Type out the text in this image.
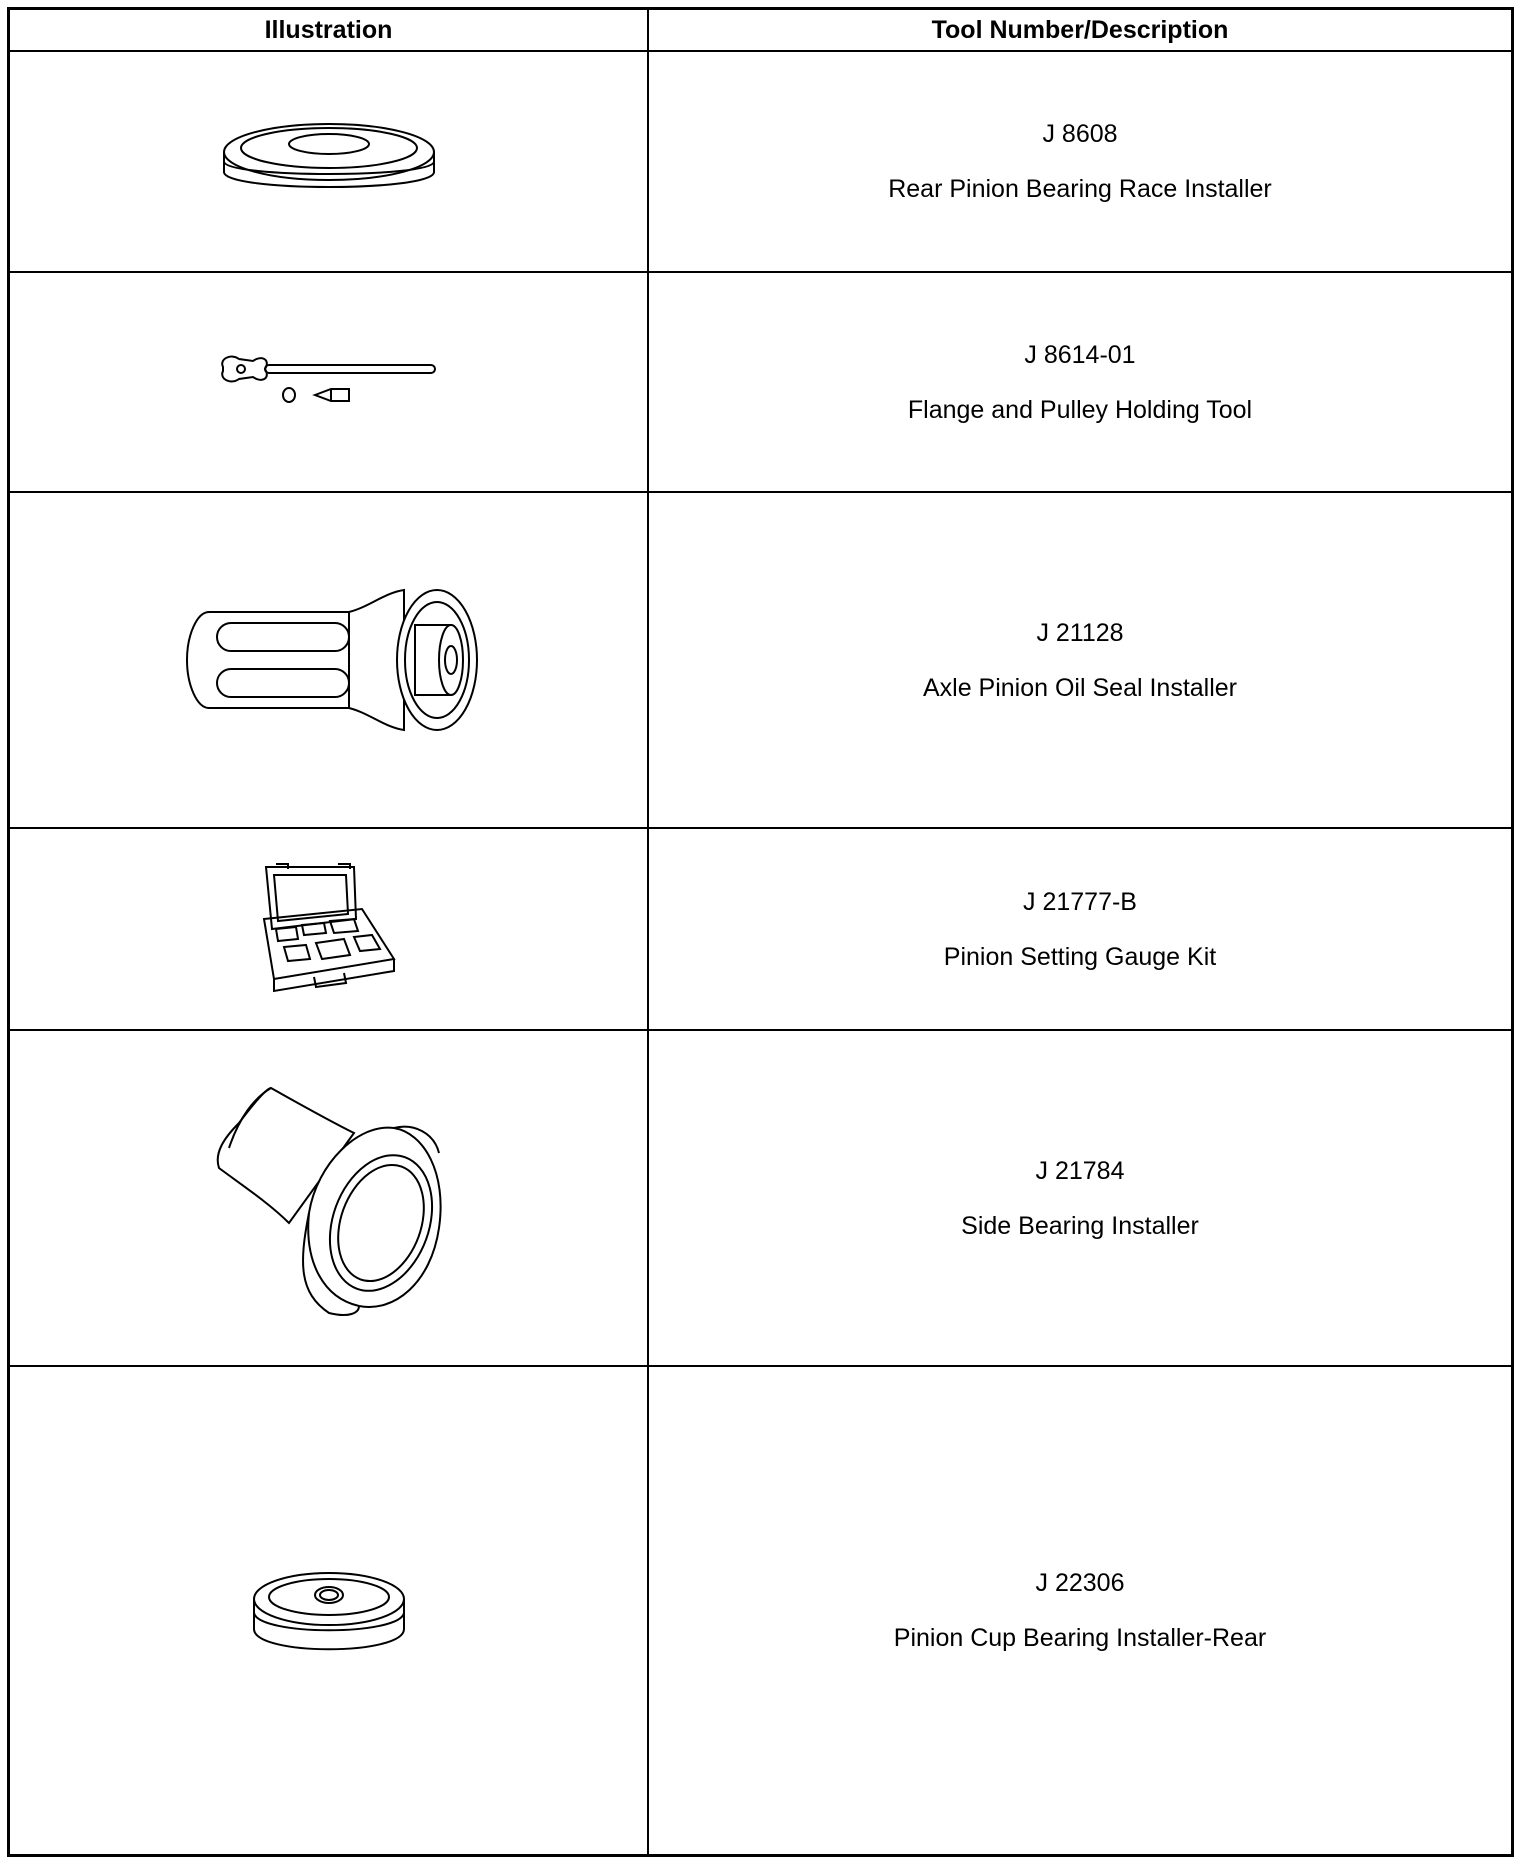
Illustration	Tool Number/Description
J 8608
Rear Pinion Bearing Race Installer
J 8614-01
Flange and Pulley Holding Tool
J 21128
Axle Pinion Oil Seal Installer
J 21777-B
Pinion Setting Gauge Kit
J 21784
Side Bearing Installer
J 22306
Pinion Cup Bearing Installer-Rear
